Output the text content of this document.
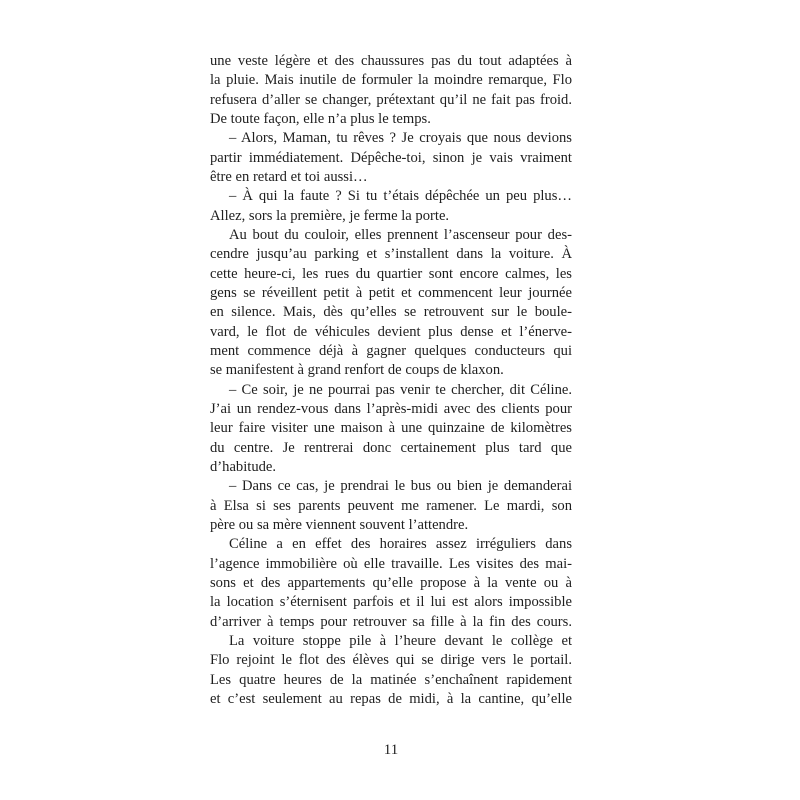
une veste légère et des chaussures pas du tout adaptées à
la pluie. Mais inutile de formuler la moindre remarque, Flo
refusera d’aller se changer, prétextant qu’il ne fait pas froid.
De toute façon, elle n’a plus le temps.
– Alors, Maman, tu rêves ? Je croyais que nous devions
partir immédiatement. Dépêche-toi, sinon je vais vraiment
être en retard et toi aussi…
– À qui la faute ? Si tu t’étais dépêchée un peu plus…
Allez, sors la première, je ferme la porte.
Au bout du couloir, elles prennent l’ascenseur pour des-
cendre jusqu’au parking et s’installent dans la voiture. À
cette heure-ci, les rues du quartier sont encore calmes, les
gens se réveillent petit à petit et commencent leur journée
en silence. Mais, dès qu’elles se retrouvent sur le boule-
vard, le flot de véhicules devient plus dense et l’énerve-
ment commence déjà à gagner quelques conducteurs qui
se manifestent à grand renfort de coups de klaxon.
– Ce soir, je ne pourrai pas venir te chercher, dit Céline.
J’ai un rendez-vous dans l’après-midi avec des clients pour
leur faire visiter une maison à une quinzaine de kilomètres
du centre. Je rentrerai donc certainement plus tard que
d’habitude.
– Dans ce cas, je prendrai le bus ou bien je demanderai
à Elsa si ses parents peuvent me ramener. Le mardi, son
père ou sa mère viennent souvent l’attendre.
Céline a en effet des horaires assez irréguliers dans
l’agence immobilière où elle travaille. Les visites des mai-
sons et des appartements qu’elle propose à la vente ou à
la location s’éternisent parfois et il lui est alors impossible
d’arriver à temps pour retrouver sa fille à la fin des cours.
La voiture stoppe pile à l’heure devant le collège et
Flo rejoint le flot des élèves qui se dirige vers le portail.
Les quatre heures de la matinée s’enchaînent rapidement
et c’est seulement au repas de midi, à la cantine, qu’elle
11
